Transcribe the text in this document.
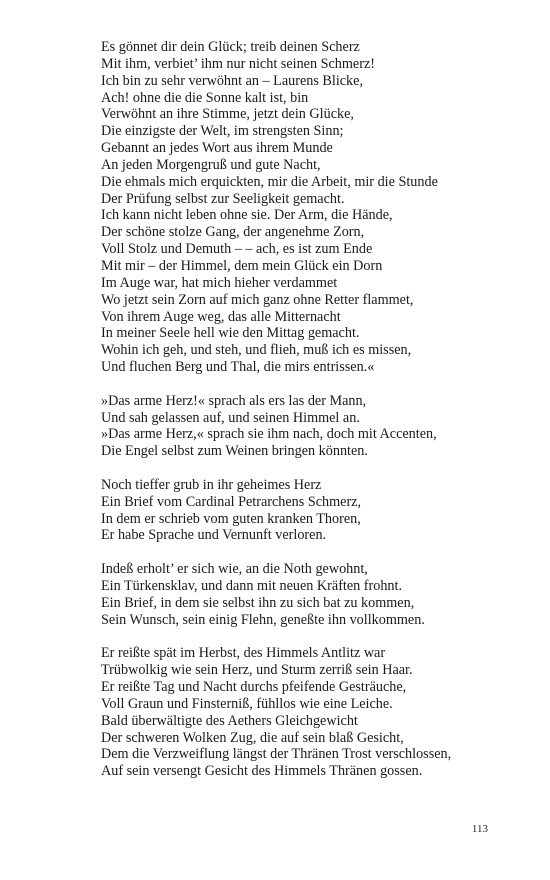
Es gönnet dir dein Glück; treib deinen Scherz
Mit ihm, verbiet’ ihm nur nicht seinen Schmerz!
Ich bin zu sehr verwöhnt an – Laurens Blicke,
Ach! ohne die die Sonne kalt ist, bin
Verwöhnt an ihre Stimme, jetzt dein Glücke,
Die einzigste der Welt, im strengsten Sinn;
Gebannt an jedes Wort aus ihrem Munde
An jeden Morgengruß und gute Nacht,
Die ehmals mich erquickten, mir die Arbeit, mir die Stunde
Der Prüfung selbst zur Seeligkeit gemacht.
Ich kann nicht leben ohne sie. Der Arm, die Hände,
Der schöne stolze Gang, der angenehme Zorn,
Voll Stolz und Demuth – – ach, es ist zum Ende
Mit mir – der Himmel, dem mein Glück ein Dorn
Im Auge war, hat mich hieher verdammet
Wo jetzt sein Zorn auf mich ganz ohne Retter flammet,
Von ihrem Auge weg, das alle Mitternacht
In meiner Seele hell wie den Mittag gemacht.
Wohin ich geh, und steh, und flieh, muß ich es missen,
Und fluchen Berg und Thal, die mirs entrissen.«
»Das arme Herz!« sprach als ers las der Mann,
Und sah gelassen auf, und seinen Himmel an.
»Das arme Herz,« sprach sie ihm nach, doch mit Accenten,
Die Engel selbst zum Weinen bringen könnten.
Noch tieffer grub in ihr geheimes Herz
Ein Brief vom Cardinal Petrarchens Schmerz,
In dem er schrieb vom guten kranken Thoren,
Er habe Sprache und Vernunft verloren.
Indeß erholt’ er sich wie, an die Noth gewohnt,
Ein Türkensklav, und dann mit neuen Kräften frohnt.
Ein Brief, in dem sie selbst ihn zu sich bat zu kommen,
Sein Wunsch, sein einig Flehn, geneßte ihn vollkommen.
Er reißte spät im Herbst, des Himmels Antlitz war
Trübwolkig wie sein Herz, und Sturm zerriß sein Haar.
Er reißte Tag und Nacht durchs pfeifende Gesträuche,
Voll Graun und Finsterniß, fühllos wie eine Leiche.
Bald überwältigte des Aethers Gleichgewicht
Der schweren Wolken Zug, die auf sein blaß Gesicht,
Dem die Verzweiflung längst der Thränen Trost verschlossen,
Auf sein versengt Gesicht des Himmels Thränen gossen.
113
